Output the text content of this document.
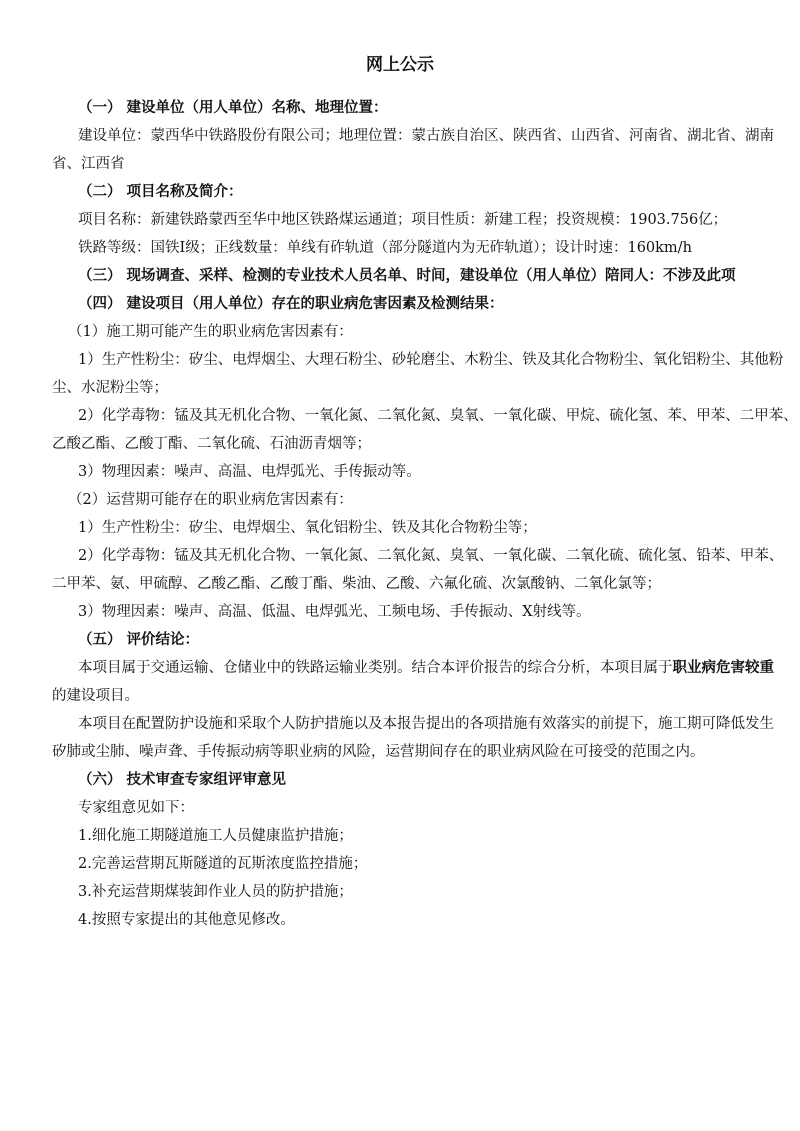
网上公示
（一） 建设单位（用人单位）名称、地理位置：
建设单位：蒙西华中铁路股份有限公司；地理位置：蒙古族自治区、陕西省、山西省、河南省、湖北省、湖南
省、江西省
（二） 项目名称及简介：
项目名称：新建铁路蒙西至华中地区铁路煤运通道；项目性质：新建工程；投资规模：1903.756亿；
铁路等级：国铁Ⅰ级；正线数量：单线有砟轨道（部分隧道内为无砟轨道）；设计时速：160km/h
（三） 现场调查、采样、检测的专业技术人员名单、时间，建设单位（用人单位）陪同人：不涉及此项
（四） 建设项目（用人单位）存在的职业病危害因素及检测结果：
（1）施工期可能产生的职业病危害因素有：
1）生产性粉尘：矽尘、电焊烟尘、大理石粉尘、砂轮磨尘、木粉尘、铁及其化合物粉尘、氧化铝粉尘、其他粉
尘、水泥粉尘等；
2）化学毒物：锰及其无机化合物、一氧化氮、二氧化氮、臭氧、一氧化碳、甲烷、硫化氢、苯、甲苯、二甲苯、
乙酸乙酯、乙酸丁酯、二氧化硫、石油沥青烟等；
3）物理因素：噪声、高温、电焊弧光、手传振动等。
（2）运营期可能存在的职业病危害因素有：
1）生产性粉尘：矽尘、电焊烟尘、氧化铝粉尘、铁及其化合物粉尘等；
2）化学毒物：锰及其无机化合物、一氧化氮、二氧化氮、臭氧、一氧化碳、二氧化硫、硫化氢、铅苯、甲苯、
二甲苯、氨、甲硫醇、乙酸乙酯、乙酸丁酯、柴油、乙酸、六氟化硫、次氯酸钠、二氧化氯等；
3）物理因素：噪声、高温、低温、电焊弧光、工频电场、手传振动、X射线等。
（五） 评价结论：
本项目属于交通运输、仓储业中的铁路运输业类别。结合本评价报告的综合分析，本项目属于职业病危害较重
的建设项目。
本项目在配置防护设施和采取个人防护措施以及本报告提出的各项措施有效落实的前提下，施工期可降低发生
矽肺或尘肺、噪声聋、手传振动病等职业病的风险，运营期间存在的职业病风险在可接受的范围之内。
（六） 技术审查专家组评审意见
专家组意见如下：
1.细化施工期隧道施工人员健康监护措施；
2.完善运营期瓦斯隧道的瓦斯浓度监控措施；
3.补充运营期煤装卸作业人员的防护措施；
4.按照专家提出的其他意见修改。
